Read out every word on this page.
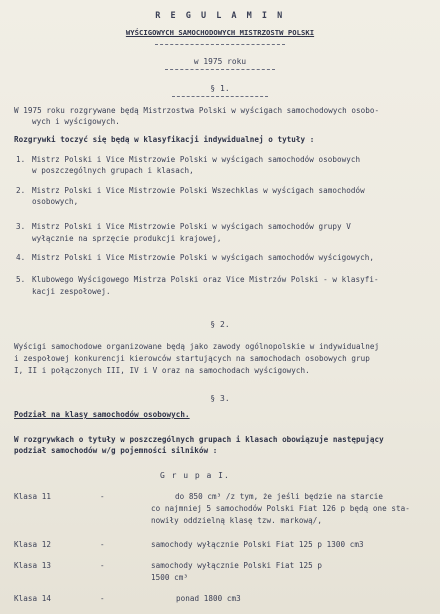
R E G U L A M I N
WYŚCIGOWYCH SAMOCHODOWYCH MISTRZOSTW POLSKI
w 1975 roku
§ 1.
W 1975 roku rozgrywane będą Mistrzostwa Polski w wyścigach samochodowych osobo-
wych i wyścigowych.
Rozgrywki toczyć się będą w klasyfikacji indywidualnej o tytuły :
1. Mistrz Polski i Vice Mistrzowie Polski w wyścigach samochodów osobowych
w poszczególnych grupach i klasach,
2. Mistrz Polski i Vice Mistrzowie Polski Wszechklas w wyścigach samochodów
osobowych,
3. Mistrz Polski i Vice Mistrzowie Polski w wyścigach samochodów grupy V
wyłącznie na sprzęcie produkcji krajowej,
4. Mistrz Polski i Vice Mistrzowie Polski w wyścigach samochodów wyścigowych,
5. Klubowego Wyścigowego Mistrza Polski oraz Vice Mistrzów Polski - w klasyfi-
kacji zespołowej.
§ 2.
Wyścigi samochodowe organizowane będą jako zawody ogólnopolskie w indywidualnej
i zespołowej konkurencji kierowców startujących na samochodach osobowych grup
I, II i połączonych III, IV i V oraz na samochodach wyścigowych.
§ 3.
Podział na klasy samochodów osobowych.
W rozgrywkach o tytuły w poszczególnych grupach i klasach obowiązuje następujący
podział samochodów w/g pojemności silników :
G r u p a I.
Klasa 11	-	do 850 cm³ /z tym, że jeśli będzie na starcie
co najmniej 5 samochodów Polski Fiat 126 p będą one sta-
nowiły oddzielną klasę tzw. markową/,
Klasa 12	-	samochody wyłącznie Polski Fiat 125 p 1300 cm3
Klasa 13	-	samochody wyłącznie Polski Fiat 125 p
1500 cm³
Klasa 14	-	ponad 1800 cm3
